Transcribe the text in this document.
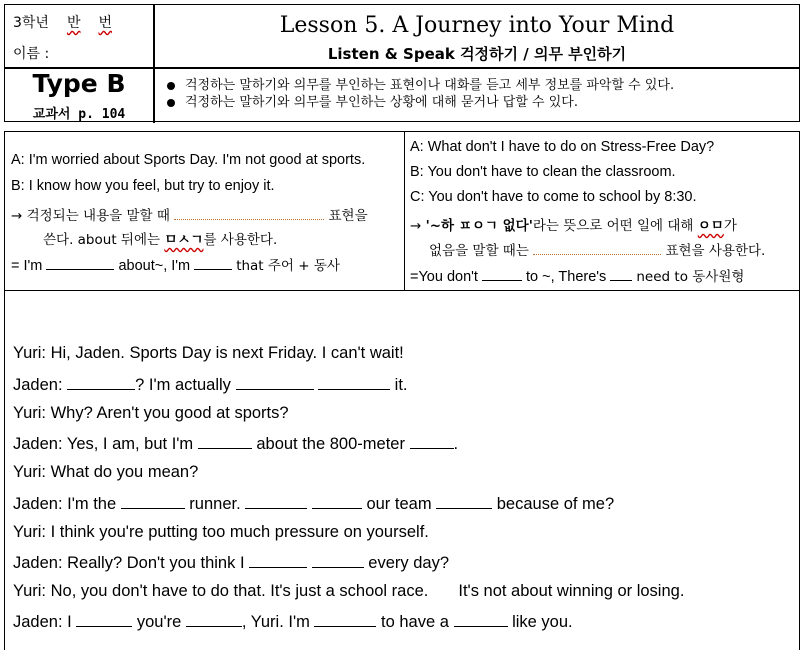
3학년 반 번
이름 :
Lesson 5. A Journey into Your Mind
Listen & Speak 걱정하기 / 의무 부인하기
Type B
교과서 p. 104
걱정하는 말하기와 의무를 부인하는 표현이나 대화를 듣고 세부 정보를 파악할 수 있다.
걱정하는 말하기와 의무를 부인하는 상황에 대해 묻거나 답할 수 있다.
A: I'm worried about Sports Day. I'm not good at sports.
B: I know how you feel, but try to enjoy it.
→ 걱정되는 내용을 말할 때	표현을
쓴다. about 뒤에는 ㅁㅅㄱ를 사용한다.
= I'm	about~, I'm	that 주어 + 동사
A: What don't I have to do on Stress-Free Day?
B: You don't have to clean the classroom.
C: You don't have to come to school by 8:30.
→ '~하 ㅍㅇㄱ 없다'라는 뜻으로 어떤 일에 대해 ㅇㅁ가
없음을 말할 때는	표현을 사용한다.
=You don't	to ~, There's need to 동사원형
Yuri: Hi, Jaden. Sports Day is next Friday. I can't wait!
Jaden:	? I'm actually	it.
Yuri: Why? Aren't you good at sports?
Jaden: Yes, I am, but I'm	about the 800-meter	.
Yuri: What do you mean?
Jaden: I'm the	runner.	our team	because of me?
Yuri: I think you're putting too much pressure on yourself.
Jaden: Really? Don't you think I	every day?
Yuri: No, you don't have to do that. It's just a school race. It's not about winning or losing.
Jaden: I	you're	, Yuri. I'm	to have a	like you.
